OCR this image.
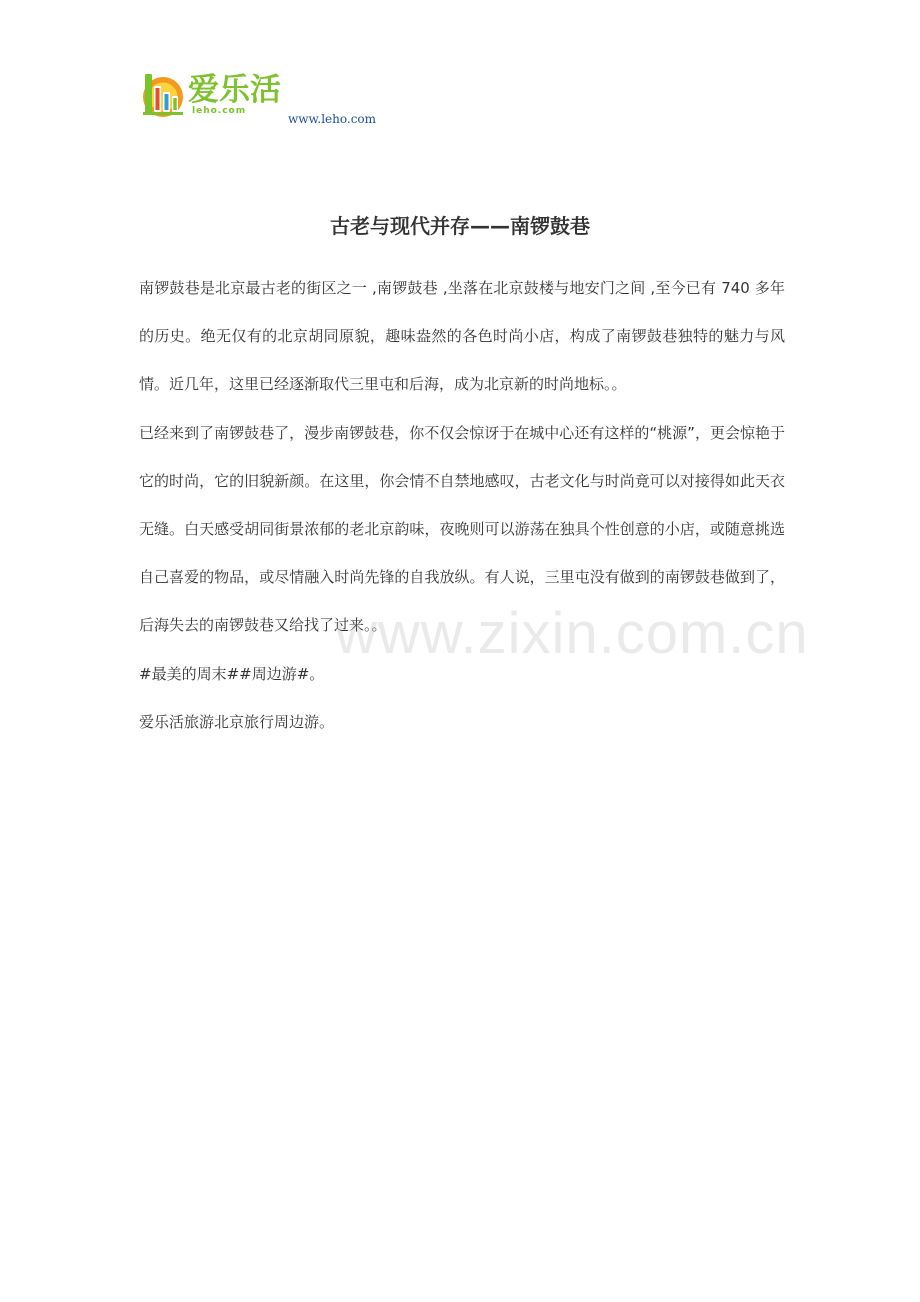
爱乐活
leho.com
www.leho.com
古老与现代并存——南锣鼓巷

南锣鼓巷是北京最古老的街区之一 ,南锣鼓巷 ,坐落在北京鼓楼与地安门之间 ,至今已有 740 多年的历史。绝无仅有的北京胡同原貌，趣味盎然的各色时尚小店，构成了南锣鼓巷独特的魅力与风情。近几年，这里已经逐渐取代三里屯和后海，成为北京新的时尚地标。。

已经来到了南锣鼓巷了，漫步南锣鼓巷，你不仅会惊讶于在城中心还有这样的“桃源”，更会惊艳于它的时尚，它的旧貌新颜。在这里，你会情不自禁地感叹，古老文化与时尚竟可以对接得如此天衣无缝。白天感受胡同街景浓郁的老北京韵味，夜晚则可以游荡在独具个性创意的小店，或随意挑选自己喜爱的物品，或尽情融入时尚先锋的自我放纵。有人说，三里屯没有做到的南锣鼓巷做到了，后海失去的南锣鼓巷又给找了过来。。

#最美的周末##周边游#。

爱乐活旅游北京旅行周边游。

www.zixin.com.cn
